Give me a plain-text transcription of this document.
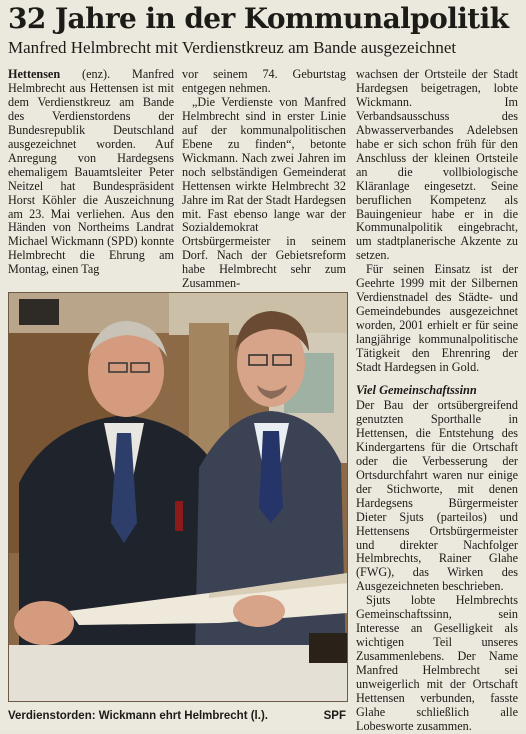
32 Jahre in der Kommunalpolitik
Manfred Helmbrecht mit Verdienstkreuz am Bande ausgezeichnet

Hettensen (enz). Manfred Helmbrecht aus Hettensen ist mit dem Verdienstkreuz am Bande des Verdienstordens der Bundesrepublik Deutschland ausgezeichnet worden. Auf Anregung von Hardegsens ehemaligem Bauamtsleiter Peter Neitzel hat Bundespräsident Horst Köhler die Auszeichnung am 23. Mai verliehen. Aus den Händen von Northeims Landrat Michael Wickmann (SPD) konnte Helmbrecht die Ehrung am Montag, einen Tag

vor seinem 74. Geburtstag entgegen nehmen.

„Die Verdienste von Manfred Helmbrecht sind in erster Linie auf der kommunalpolitischen Ebene zu finden“, betonte Wickmann. Nach zwei Jahren im noch selbständigen Gemeinderat Hettensen wirkte Helmbrecht 32 Jahre im Rat der Stadt Hardegsen mit. Fast ebenso lange war der Sozialdemokrat Ortsbürgermeister in seinem Dorf. Nach der Gebietsreform habe Helmbrecht sehr zum Zusammen-

wachsen der Ortsteile der Stadt Hardegsen beigetragen, lobte Wickmann. Im Verbandsausschuss des Abwasserverbandes Adelebsen habe er sich schon früh für den Anschluss der kleinen Ortsteile an die vollbiologische Kläranlage eingesetzt. Seine beruflichen Kompetenz als Bauingenieur habe er in die Kommunalpolitik eingebracht, um stadtplanerische Akzente zu setzen.

Für seinen Einsatz ist der Geehrte 1999 mit der Silbernen Verdienstnadel des Städte- und Gemeindebundes ausgezeichnet worden, 2001 erhielt er für seine langjährige kommunalpolitische Tätigkeit den Ehrenring der Stadt Hardegsen in Gold.

Viel Gemeinschaftssinn

Der Bau der ortsübergreifend genutzten Sporthalle in Hettensen, die Entstehung des Kindergartens für die Ortschaft oder die Verbesserung der Ortsdurchfahrt waren nur einige der Stichworte, mit denen Hardegsens Bürgermeister Dieter Sjuts (parteilos) und Hettensens Ortsbürgermeister und direkter Nachfolger Helmbrechts, Rainer Glahe (FWG), das Wirken des Ausgezeichneten beschrieben.

Sjuts lobte Helmbrechts Gemeinschaftssinn, sein Interesse an Geselligkeit als wichtigen Teil unseres Zusammenlebens. Der Name Manfred Helmbrecht sei unweigerlich mit der Ortschaft Hettensen verbunden, fasste Glahe schließlich alle Lobesworte zusammen.

Verdienstorden: Wickmann ehrt Helmbrecht (l.).	SPF
